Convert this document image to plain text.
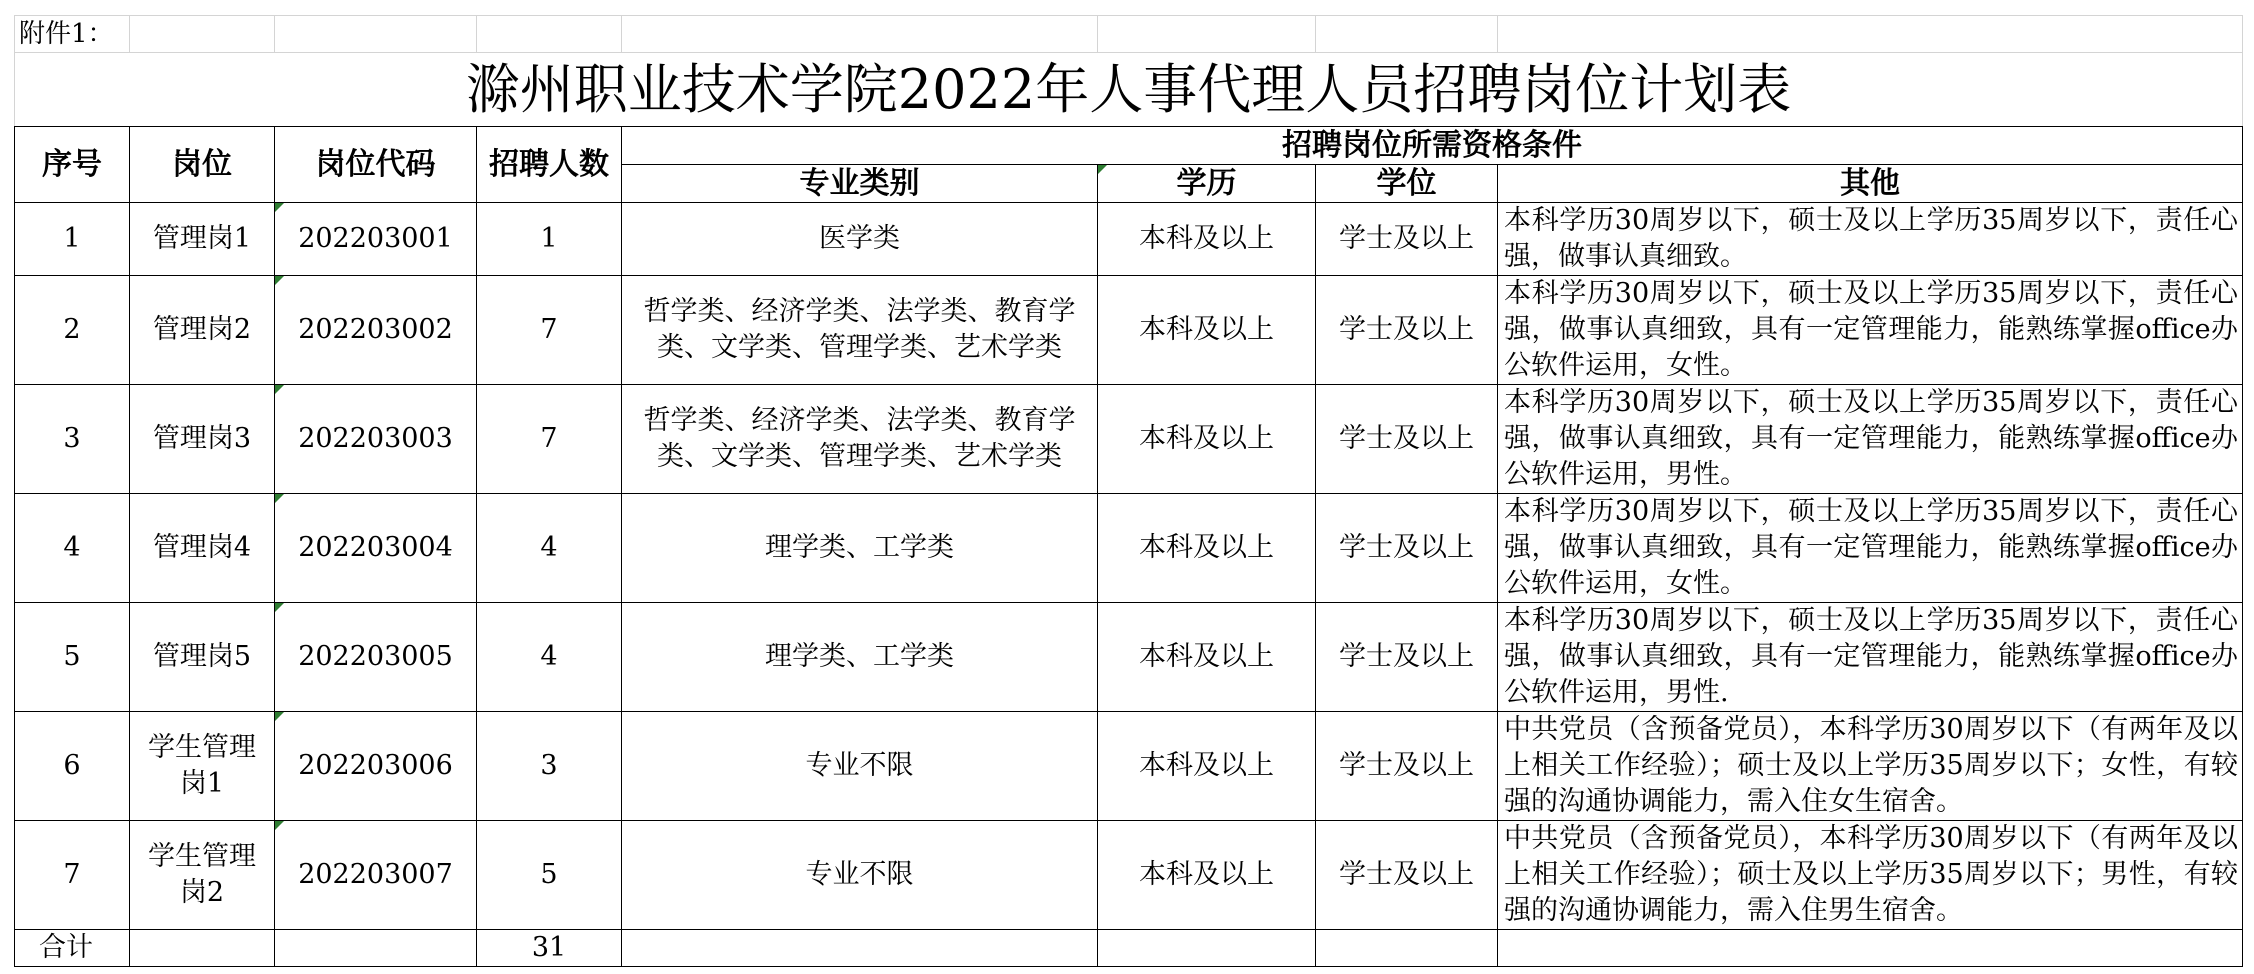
附件1：							
滁州职业技术学院2022年人事代理人员招聘岗位计划表							
序号	岗位	岗位代码	招聘人数	招聘岗位所需资格条件			
				专业类别	学历	学位	其他
1	管理岗1	202203001	1	医学类	本科及以上	学士及以上	本科学历30周岁以下，硕士及以上学历35周岁以下，责任心强，做事认真细致。
2	管理岗2	202203002	7	哲学类、经济学类、法学类、教育学类、文学类、管理学类、艺术学类	本科及以上	学士及以上	本科学历30周岁以下，硕士及以上学历35周岁以下，责任心强，做事认真细致，具有一定管理能力，能熟练掌握office办公软件运用，女性。
3	管理岗3	202203003	7	哲学类、经济学类、法学类、教育学类、文学类、管理学类、艺术学类	本科及以上	学士及以上	本科学历30周岁以下，硕士及以上学历35周岁以下，责任心强，做事认真细致，具有一定管理能力，能熟练掌握office办公软件运用，男性。
4	管理岗4	202203004	4	理学类、工学类	本科及以上	学士及以上	本科学历30周岁以下，硕士及以上学历35周岁以下，责任心强，做事认真细致，具有一定管理能力，能熟练掌握office办公软件运用，女性。
5	管理岗5	202203005	4	理学类、工学类	本科及以上	学士及以上	本科学历30周岁以下，硕士及以上学历35周岁以下，责任心强，做事认真细致，具有一定管理能力，能熟练掌握office办公软件运用，男性.
6	学生管理岗1	202203006	3	专业不限	本科及以上	学士及以上	中共党员（含预备党员），本科学历30周岁以下（有两年及以上相关工作经验）；硕士及以上学历35周岁以下；女性，有较强的沟通协调能力，需入住女生宿舍。
7	学生管理岗2	202203007	5	专业不限	本科及以上	学士及以上	中共党员（含预备党员），本科学历30周岁以下（有两年及以上相关工作经验）；硕士及以上学历35周岁以下；男性，有较强的沟通协调能力，需入住男生宿舍。
合计			31				
